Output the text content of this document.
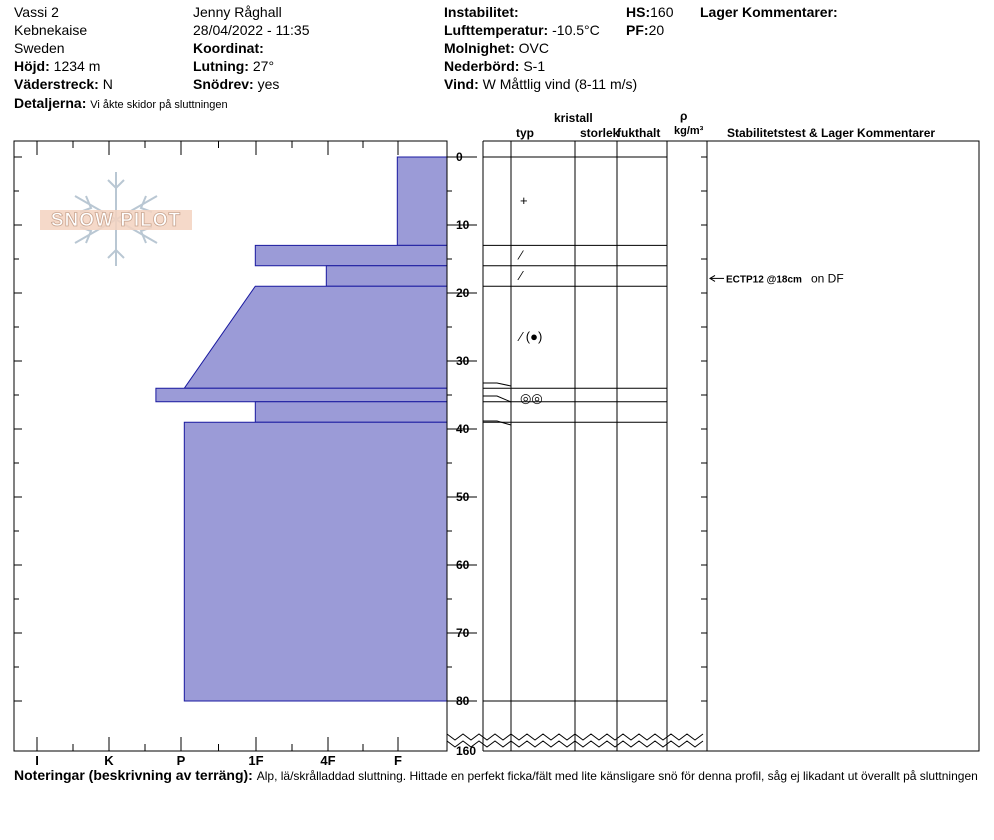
Vassi 2
Kebnekaise
Sweden
Höjd: 1234 m
Väderstreck: N
Detaljerna: Vi åkte skidor på sluttningen
Jenny Råghall
28/04/2022 - 11:35
Koordinat:
Lutning: 27°
Snödrev: yes
Instabilitet:
Lufttemperatur: -10.5°C
Molnighet: OVC
Nederbörd: S-1
Vind: W Måttlig vind (8-11 m/s)
HS:160
PF:20
Lager Kommentarer:
kristall
typ	storlek
fukthalt
ρ
kg/m³ Stabilitetstest & Lager Kommentarer
SNOW PILOT
I	K	P	1F	4F	F
0
10
20
30
40
50
60
70
80
160
+
⁄
⁄
⁄ (●)
◎◎
ECTP12 @18cm on DF
Noteringar (beskrivning av terräng): Alp, lä/skrålladdad sluttning. Hittade en perfekt ficka/fält med lite känsligare snö för denna profil, såg ej likadant ut överallt på sluttningen
